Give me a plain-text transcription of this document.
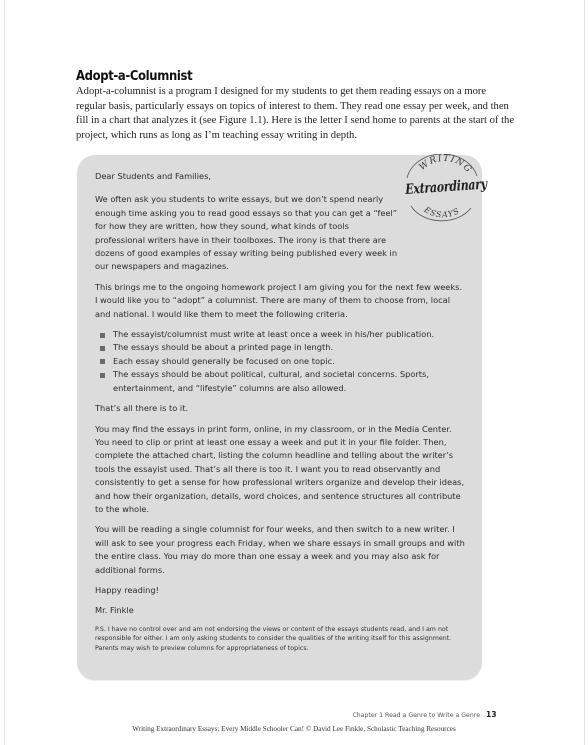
Adopt-a-Columnist
Adopt-a-columnist is a program I designed for my students to get them reading essays on a more regular basis, particularly essays on topics of interest to them. They read one essay per week, and then fill in a chart that analyzes it (see Figure 1.1). Here is the letter I send home to parents at the start of the project, which runs as long as I’m teaching essay writing in depth.
WRITING
ESSAYS
Extraordinary

Dear Students and Families,

We often ask you students to write essays, but we don’t spend nearly enough time asking you to read good essays so that you can get a “feel” for how they are written, how they sound, what kinds of tools professional writers have in their toolboxes. The irony is that there are dozens of good examples of essay writing being published every week in our newspapers and magazines.

This brings me to the ongoing homework project I am giving you for the next few weeks. I would like you to “adopt” a columnist. There are many of them to choose from, local and national. I would like them to meet the following criteria.

The essayist/columnist must write at least once a week in his/her publication.
The essays should be about a printed page in length.
Each essay should generally be focused on one topic.
The essays should be about political, cultural, and societal concerns. Sports, entertainment, and “lifestyle” columns are also allowed.

That’s all there is to it.

You may find the essays in print form, online, in my classroom, or in the Media Center. You need to clip or print at least one essay a week and put it in your file folder. Then, complete the attached chart, listing the column headline and telling about the writer’s tools the essayist used. That’s all there is too it. I want you to read observantly and consistently to get a sense for how professional writers organize and develop their ideas, and how their organization, details, word choices, and sentence structures all contribute to the whole.

You will be reading a single columnist for four weeks, and then switch to a new writer. I will ask to see your progress each Friday, when we share essays in small groups and with the entire class. You may do more than one essay a week and you may also ask for additional forms.

Happy reading!

Mr. Finkle

P.S. I have no control over and am not endorsing the views or content of the essays students read, and I am not responsible for either. I am only asking students to consider the qualities of the writing itself for this assignment. Parents may wish to preview columns for appropriateness of topics.

Chapter 1 Read a Genre to Write a Genre 13
Writing Extraordinary Essays: Every Middle Schooler Can! © David Lee Finkle, Scholastic Teaching Resources
